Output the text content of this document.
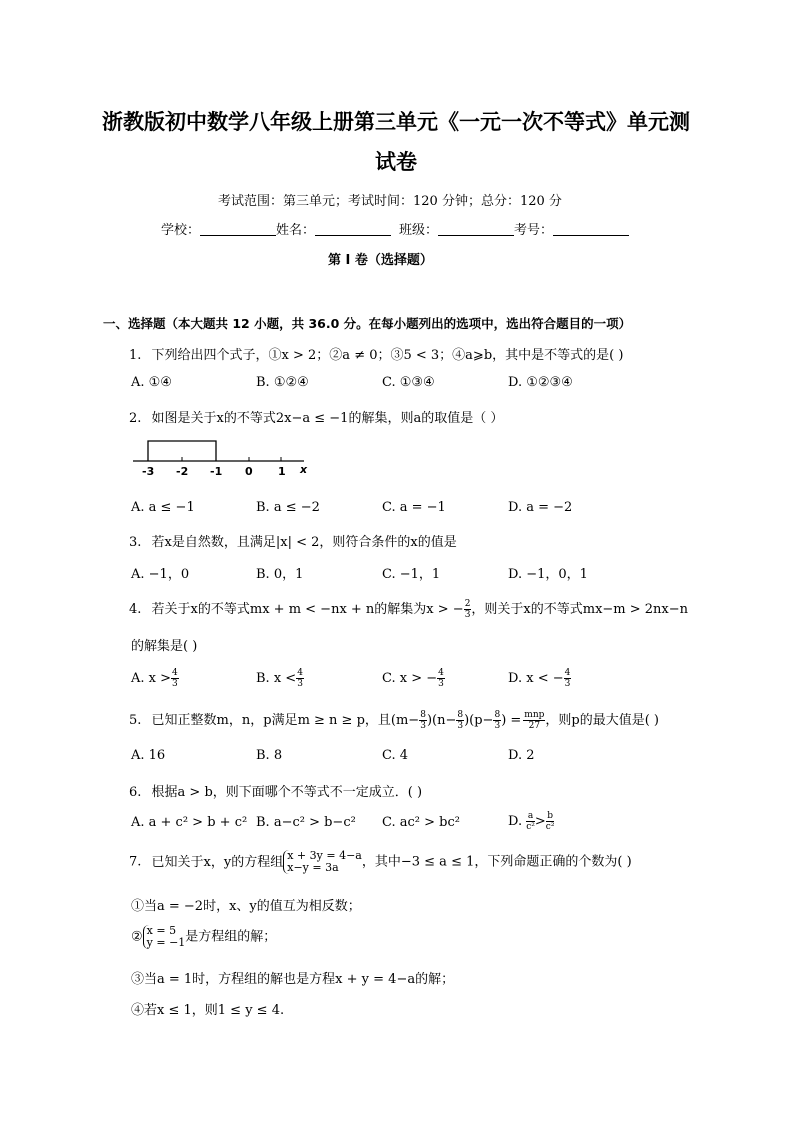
浙教版初中数学八年级上册第三单元《一元一次不等式》单元测
试卷
考试范围：第三单元；考试时间：120 分钟；总分：120 分
学校：	姓名：	班级：	考号：
第 I 卷（选择题）
一、选择题（本大题共 12 小题，共 36.0 分。在每小题列出的选项中，选出符合题目的一项）
1. 下列给出四个式子，①x > 2；②a ≠ 0；③5 < 3；④a⩾b，其中是不等式的是( )
A. ①④	B. ①②④	C. ①③④	D. ①②③④
2. 如图是关于x的不等式2x−a ≤ −1的解集，则a的取值是（ ）
-3 -2 -1 0 1 x
A. a ≤ −1	B. a ≤ −2	C. a = −1	D. a = −2
3. 若x是自然数，且满足|x| < 2，则符合条件的x的值是
A. −1，0	B. 0，1	C. −1，1	D. −1，0，1
4. 若关于x的不等式mx + m < −nx + n的解集为x > − $\frac{2}{3}$ ，则关于x的不等式mx−m > 2nx−n
的解集是( )
A. $x > \frac{4}{3}$	B. $x < \frac{4}{3}$	C. x > − $\frac{4}{3}$	D. x < − $\frac{4}{3}$
5. 已知正整数m，n，p满足m ≥ n ≥ p，且$(m- \frac{8}{3} )(n- \frac{8}{3} )(p- \frac{8}{3}$ ) = $\frac{\text{mnp}}{27}$ ，则p的最大值是( )
A. 16	B. 8	C. 4	D. 2
6. 根据a > b，则下面哪个不等式不一定成立．( )
A. a + c² > b + c² B. a−c² > b−c² C. ac² > bc²	D. $\frac{a}{\text{c²}} > \frac{b}{\text{c²}}$
7. 已知关于x，y的方程组 x + 3y = 4−a
x−y = 3a	，其中−3 ≤ a ≤ 1，下列命题正确的个数为( )
①当a = −2时，x、y的值互为相反数；
② x = 5
y = −1 是方程组的解；
③当a = 1时，方程组的解也是方程x + y = 4−a的解；
④若x ≤ 1，则1 ≤ y ≤ 4.
